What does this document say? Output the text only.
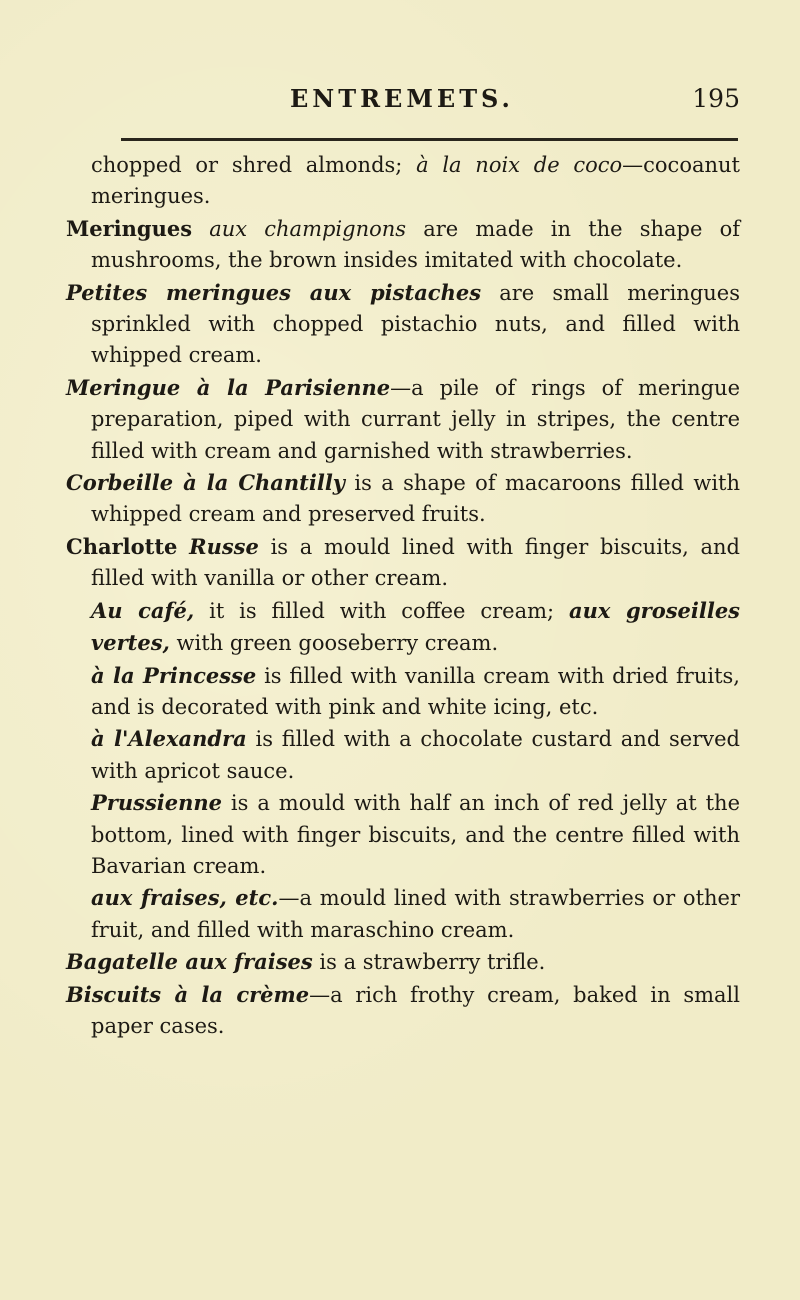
ENTREMETS.	195

chopped or shred almonds; à la noix de coco—cocoanut meringues.

Meringues aux champignons are made in the shape of mushrooms, the brown insides imitated with chocolate.

Petites meringues aux pistaches are small meringues sprinkled with chopped pistachio nuts, and filled with whipped cream.

Meringue à la Parisienne—a pile of rings of meringue preparation, piped with currant jelly in stripes, the centre filled with cream and garnished with strawberries.

Corbeille à la Chantilly is a shape of macaroons filled with whipped cream and preserved fruits.

Charlotte Russe is a mould lined with finger biscuits, and filled with vanilla or other cream.

Au café, it is filled with coffee cream; aux groseilles vertes, with green gooseberry cream.

à la Princesse is filled with vanilla cream with dried fruits, and is decorated with pink and white icing, etc.

à l'Alexandra is filled with a chocolate custard and served with apricot sauce.

Prussienne is a mould with half an inch of red jelly at the bottom, lined with finger biscuits, and the centre filled with Bavarian cream.

aux fraises, etc.—a mould lined with strawberries or other fruit, and filled with maraschino cream.

Bagatelle aux fraises is a strawberry trifle.

Biscuits à la crème—a rich frothy cream, baked in small paper cases.
